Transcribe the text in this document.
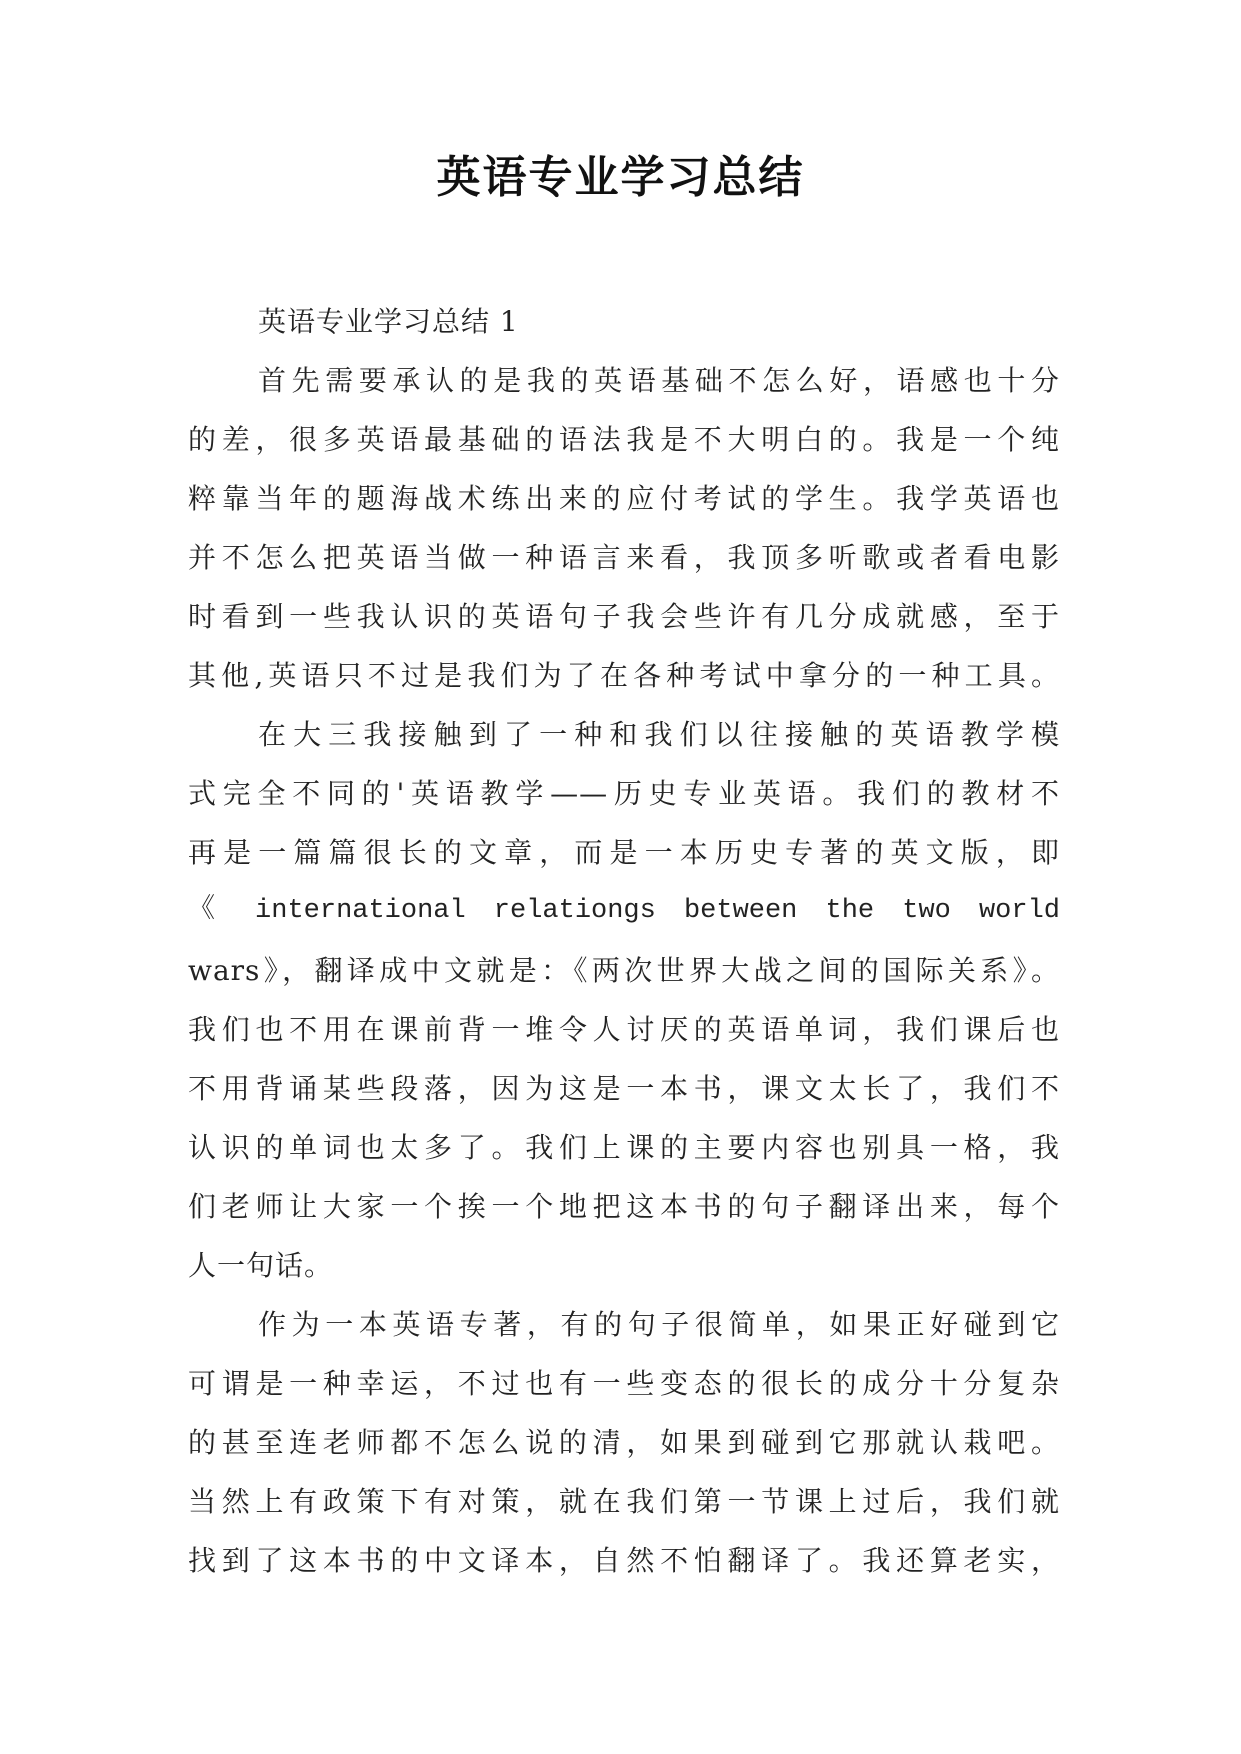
英语专业学习总结
英语专业学习总结 1
首先需要承认的是我的英语基础不怎么好，语感也十分
的差，很多英语最基础的语法我是不大明白的。我是一个纯
粹靠当年的题海战术练出来的应付考试的学生。我学英语也
并不怎么把英语当做一种语言来看，我顶多听歌或者看电影
时看到一些我认识的英语句子我会些许有几分成就感，至于
其他,英语只不过是我们为了在各种考试中拿分的一种工具。
在大三我接触到了一种和我们以往接触的英语教学模
式完全不同的'英语教学——历史专业英语。我们的教材不
再是一篇篇很长的文章，而是一本历史专著的英文版，即
《 international relationgs between the two world
wars》，翻译成中文就是：《两次世界大战之间的国际关系》。
我们也不用在课前背一堆令人讨厌的英语单词，我们课后也
不用背诵某些段落，因为这是一本书，课文太长了，我们不
认识的单词也太多了。我们上课的主要内容也别具一格，我
们老师让大家一个挨一个地把这本书的句子翻译出来，每个
人一句话。
作为一本英语专著，有的句子很简单，如果正好碰到它
可谓是一种幸运，不过也有一些变态的很长的成分十分复杂
的甚至连老师都不怎么说的清，如果到碰到它那就认栽吧。
当然上有政策下有对策，就在我们第一节课上过后，我们就
找到了这本书的中文译本，自然不怕翻译了。我还算老实，
